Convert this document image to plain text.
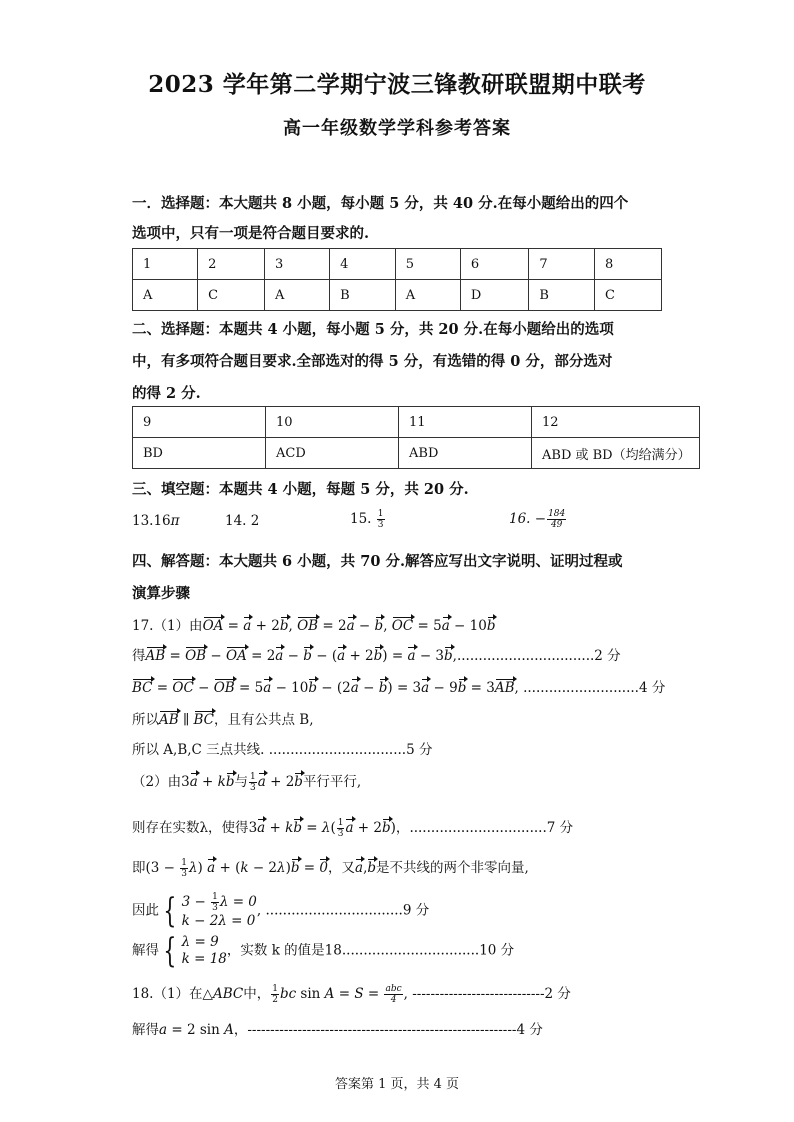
2023 学年第二学期宁波三锋教研联盟期中联考
高一年级数学学科参考答案
一．选择题：本大题共 8 小题，每小题 5 分，共 40 分.在每小题给出的四个
选项中，只有一项是符合题目要求的.
1	2	3	4	5	6	7	8
A	C	A	B	A	D	B	C
二、选择题：本题共 4 小题，每小题 5 分，共 20 分.在每小题给出的选项
中，有多项符合题目要求.全部选对的得 5 分，有选错的得 0 分，部分选对
的得 2 分.
9	10	11	12
BD	ACD	ABD	ABD 或 BD（均给满分）
三、填空题：本题共 4 小题，每题 5 分，共 20 分.
13.16π	14. 2	15. $\frac{1}{3}$	16. − $\frac{184}{49}$
四、解答题：本大题共 6 小题，共 70 分.解答应写出文字说明、证明过程或
演算步骤
17.（1）由OA = a + 2b, OB = 2a − b, OC = 5a − 10b
得AB = OB − OA = 2a − b − (a + 2b) = a − 3b,................................2 分
BC = OC − OB = 5a − 10b − (2a − b) = 3a − 9b = 3AB, ...........................4 分
所以AB ∥ BC，且有公共点 B,
所以 A,B,C 三点共线. ................................5 分
（2）由3a + kb与 $\frac{1}{3}$ a + 2b平行平行,
则存在实数λ，使得3a + kb = $\lambda( \frac{1}{3}$ a + 2b)，................................7 分
即$(3 - \frac{1}{3} \lambda)$ a + (k − 2λ)b = 0，又a,b是不共线的两个非零向量,
因此 { $3 - \frac{1}{3}$ λ = 0
k − 2λ = 0
, ................................9 分
解得 { λ = 9
k = 18
，实数 k 的值是18................................10 分
18.（1）在△ABC中， $\frac{1}{2}$ bc $\sin A = S = \frac{\text{abc}}{4}$ , -----------------------------2 分
解得a = 2 sin A，-----------------------------------------------------------4 分
答案第 1 页，共 4 页
